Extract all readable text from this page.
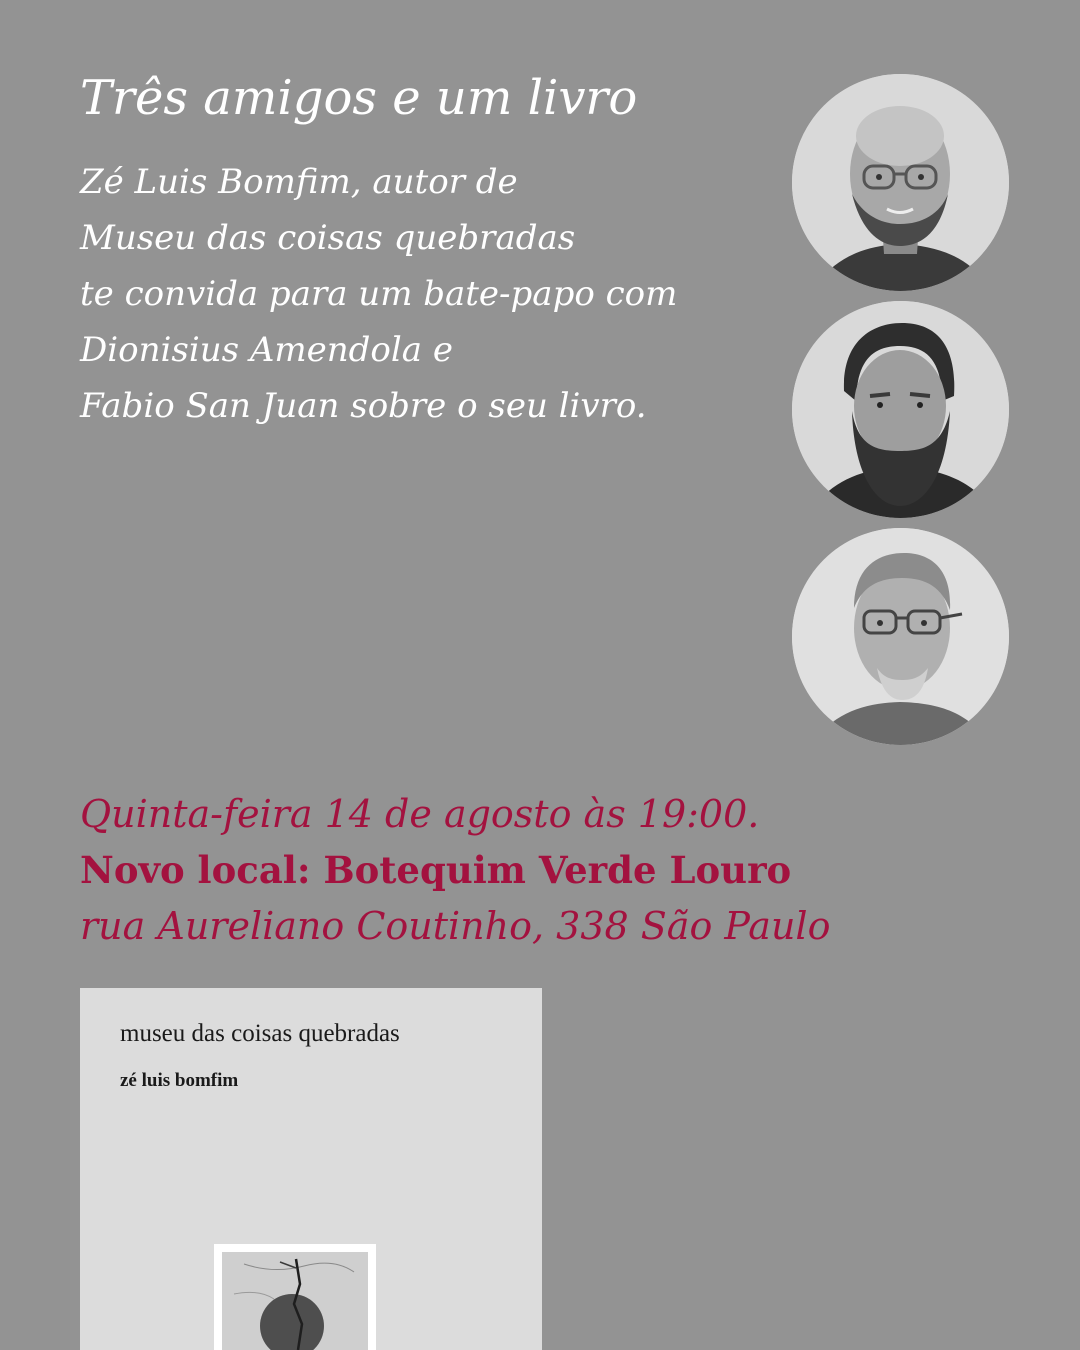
Três amigos e um livro
Zé Luis Bomfim, autor de
Museu das coisas quebradas
te convida para um bate-papo com
Dionisius Amendola e
Fabio San Juan sobre o seu livro.
Quinta-feira 14 de agosto às 19:00.
Novo local: Botequim Verde Louro
rua Aureliano Coutinho, 338 São Paulo
museu das coisas quebradas
zé luis bomfim
